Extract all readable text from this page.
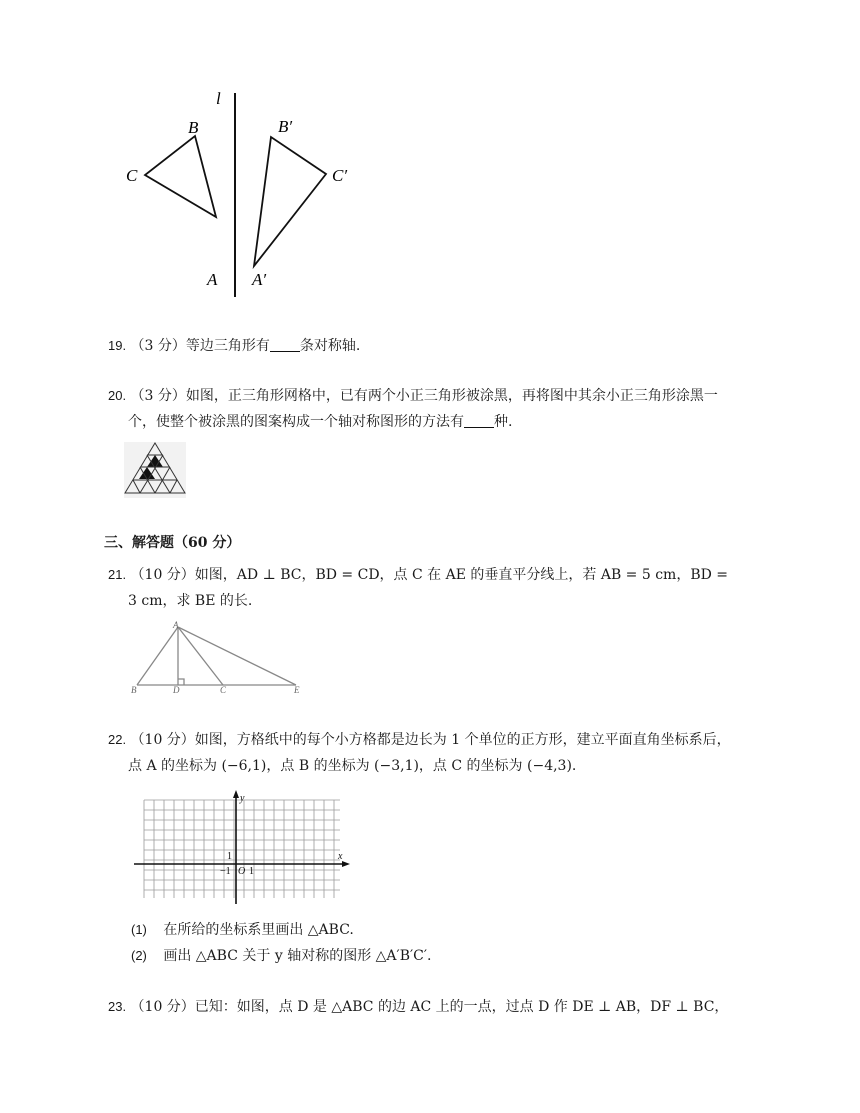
l
B
C
A
B′
C′
A′
19. （3 分）等边三角形有 条对称轴.
20. （3 分）如图，正三角形网格中，已有两个小正三角形被涂黑，再将图中其余小正三角形涂黑一
个，使整个被涂黑的图案构成一个轴对称图形的方法有 种.
三、解答题（60 分）
21. （10 分）如图，AD ⊥ BC，BD = CD，点 C 在 AE 的垂直平分线上，若 AB = 5 cm，BD =
3 cm，求 BE 的长.
A
B	D	C	E
22. （10 分）如图，方格纸中的每个小方格都是边长为 1 个单位的正方形，建立平面直角坐标系后，
点 A 的坐标为 (−6,1)，点 B 的坐标为 (−3,1)，点 C 的坐标为 (−4,3).
x
y
1
−1 O 1
(1) 在所给的坐标系里画出 △ABC.
(2) 画出 △ABC 关于 y 轴对称的图形 △A′B′C′.
23. （10 分）已知：如图，点 D 是 △ABC 的边 AC 上的一点，过点 D 作 DE ⊥ AB，DF ⊥ BC，
